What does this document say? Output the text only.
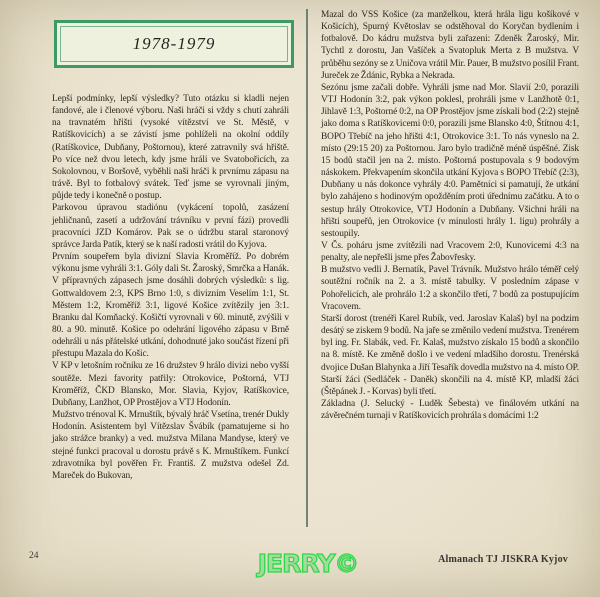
1978-1979

Lepší podmínky, lepší výsledky? Tuto otázku si kladli nejen fandové, ale i členové výboru. Naši hráči si vždy s chutí zahráli na travnatém hřišti (vysoké vítězství ve St. Městě, v Ratíškovicích) a se závistí jsme pohlíželi na okolní oddíly (Ratíškovice, Dubňany, Poštornou), které zatravnily svá hřiště. Po více než dvou letech, kdy jsme hráli ve Svatobořicích, za Sokolovnou, v Boršově, vyběhli naši hráči k prvnímu zápasu na trávě. Byl to fotbalový svátek. Teď jsme se vyrovnali jiným, půjde tedy i konečně o postup.

Parkovou úpravou stadiónu (vykácení topolů, zasázení jehličnanů, zasetí a udržování trávníku v první fázi) provedli pracovníci JZD Komárov. Pak se o údržbu staral staronový správce Jarda Patík, který se k naší radosti vrátil do Kyjova.

Prvním soupeřem byla divizní Slavia Kroměříž. Po dobrém výkonu jsme vyhráli 3:1. Góly dali St. Žaroský, Smrčka a Hanák. V přípravných zápasech jsme dosáhli dobrých výsledků: s lig. Gottwaldovem 2:3, KPS Brno 1:0, s divizním Veselím 1:1, St. Městem 1:2, Kroměříž 3:1, ligové Košice zvítězily jen 3:1. Branku dal Komňacký. Košičtí vyrovnali v 60. minutě, zvýšili v 80. a 90. minutě. Košice po odehrání ligového zápasu v Brně odehráli u nás přátelské utkání, dohodnuté jako součást řízení při přestupu Mazala do Košic.

V KP v letošním ročníku ze 16 družstev 9 hrálo divizi nebo vyšší soutěže. Mezi favority patřily: Otrokovice, Poštorná, VTJ Kroměříž, ČKD Blansko, Mor. Slavia, Kyjov, Ratíškovice, Dubňany, Lanžhot, OP Prostějov a VTJ Hodonín.

Mužstvo trénoval K. Mrnuštík, bývalý hráč Vsetína, trenér Dukly Hodonín. Asistentem byl Vítězslav Švábík (pamatujeme si ho jako strážce branky) a ved. mužstva Milana Mandyse, který ve stejné funkci pracoval u dorostu právě s K. Mrnuštíkem. Funkcí zdravotníka byl pověřen Fr. Františ. Z mužstva odešel Zd. Mareček do Bukovan,

Mazal do VSS Košice (za manželkou, která hrála ligu košíkové v Košicích), Spurný Květoslav se odstěhoval do Koryčan bydlením i fotbalově. Do kádru mužstva byli zařazeni: Zdeněk Žaroský, Mir. Tychtl z dorostu, Jan Vašíček a Svatopluk Merta z B mužstva. V průběhu sezóny se z Uničova vrátil Mir. Pauer, B mužstvo posílil Frant. Jureček ze Ždánic, Rybka a Nekrada.

Sezónu jsme začali dobře. Vyhráli jsme nad Mor. Slavií 2:0, porazili VTJ Hodonín 3:2, pak výkon poklesl, prohráli jsme v Lanžhotě 0:1, Jihlavě 1:3, Poštorné 0:2, na OP Prostějov jsme získali bod (2:2) stejně jako doma s Ratíškovicemi 0:0, porazili jsme Blansko 4:0, Štítnou 4:1, BOPO Třebíč na jeho hřišti 4:1, Otrokovice 3:1. To nás vyneslo na 2. místo (29:15 20) za Poštornou. Jaro bylo tradičně méně úspěšné. Zisk 15 bodů stačil jen na 2. místo. Poštorná postupovala s 9 bodovým náskokem. Překvapením skončila utkání Kyjova s BOPO Třebíč (2:3), Dubňany u nás dokonce vyhrály 4:0. Pamětníci si pamatují, že utkání bylo zahájeno s hodinovým opožděním proti úřednímu začátku. A to o sestup hrály Otrokovice, VTJ Hodonín a Dubňany. Všichni hráli na hřišti soupeřů, jen Otrokovice (v minulosti hrály 1. ligu) prohrály a sestoupily.

V Čs. poháru jsme zvítězili nad Vracovem 2:0, Kunovicemi 4:3 na penalty, ale nepřešli jsme přes Žabovřesky.

B mužstvo vedli J. Bernatík, Pavel Trávník. Mužstvo hrálo téměř celý soutěžní ročník na 2. a 3. místě tabulky. V posledním zápase v Pohořelicích, ale prohrálo 1:2 a skončilo třetí, 7 bodů za postupujícím Vracovem.

Starší dorost (trenéři Karel Rubík, ved. Jaroslav Kalaš) byl na podzim desátý se ziskem 9 bodů. Na jaře se změnilo vedení mužstva. Trenérem byl ing. Fr. Slabák, ved. Fr. Kalaš, mužstvo získalo 15 bodů a skončilo na 8. místě. Ke změně došlo i ve vedení mladšího dorostu. Trenérská dvojice Dušan Blahynka a Jiří Tesařík dovedla mužstvo na 4. místo OP. Starší žáci (Sedláček - Daněk) skončili na 4. místě KP, mladší žáci (Štěpánek J. - Korvas) byli třetí.

Základna (J. Selucký - Luděk Šebesta) ve finálovém utkání na závěrečném turnaji v Ratíškovicích prohrála s domácími 1:2

24	JERRY©	Almanach TJ JISKRA Kyjov
